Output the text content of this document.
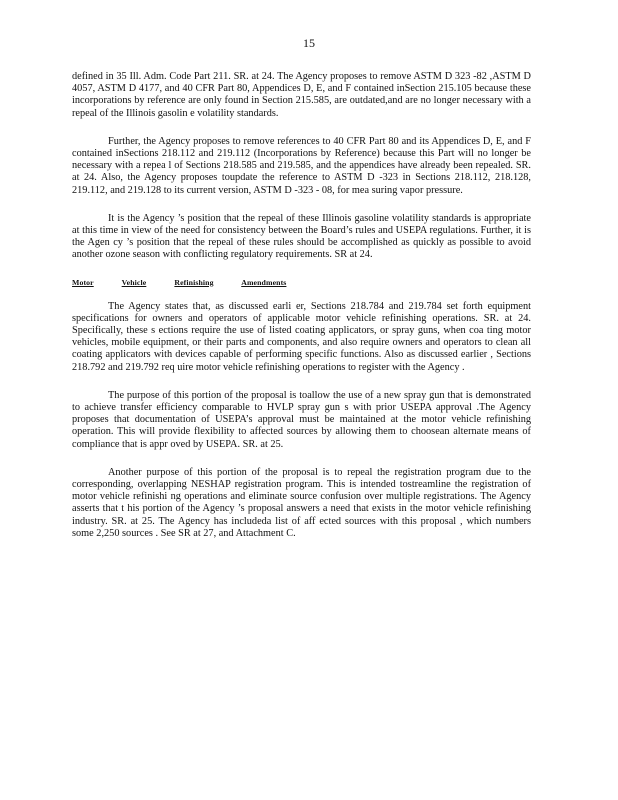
15

defined in 35 Ill. Adm. Code Part 211. SR. at 24. The Agency proposes to remove ASTM D 323 -82 ,ASTM D 4057, ASTM D 4177, and 40 CFR Part 80, Appendices D, E, and F contained inSection 215.105 because these incorporations by reference are only found in Section 215.585, are outdated,and are no longer necessary with a repeal of the Illinois gasolin e volatility standards.

Further, the Agency proposes to remove references to 40 CFR Part 80 and its Appendices D, E, and F contained inSections 218.112 and 219.112 (Incorporations by Reference) because this Part will no longer be necessary with a repea l of Sections 218.585 and 219.585, and the appendices have already been repealed. SR. at 24. Also, the Agency proposes toupdate the reference to ASTM D -323 in Sections 218.112, 218.128, 219.112, and 219.128 to its current version, ASTM D -323 - 08, for mea suring vapor pressure.

It is the Agency ’s position that the repeal of these Illinois gasoline volatility standards is appropriate at this time in view of the need for consistency between the Board’s rules and USEPA regulations. Further, it is the Agen cy ’s position that the repeal of these rules should be accomplished as quickly as possible to avoid another ozone season with conflicting regulatory requirements. SR at 24.

Motor	Vehicle	Refinishing	Amendments

The Agency states that, as discussed earli er, Sections 218.784 and 219.784 set forth equipment specifications for owners and operators of applicable motor vehicle refinishing operations. SR. at 24. Specifically, these s ections require the use of listed coating applicators, or spray guns, when coa ting motor vehicles, mobile equipment, or their parts and components, and also require owners and operators to clean all coating applicators with devices capable of performing specific functions. Also as discussed earlier , Sections 218.792 and 219.792 req uire motor vehicle refinishing operations to register with the Agency .

The purpose of this portion of the proposal is toallow the use of a new spray gun that is demonstrated to achieve transfer efficiency comparable to HVLP spray gun s with prior USEPA approval .The Agency proposes that documentation of USEPA’s approval must be maintained at the motor vehicle refinishing operation. This will provide flexibility to affected sources by allowing them to choosean alternate means of compliance that is appr oved by USEPA. SR. at 25.

Another purpose of this portion of the proposal is to repeal the registration program due to the corresponding, overlapping NESHAP registration program. This is intended tostreamline the registration of motor vehicle refinishi ng operations and eliminate source confusion over multiple registrations. The Agency asserts that t his portion of the Agency ’s proposal answers a need that exists in the motor vehicle refinishing industry. SR. at 25. The Agency has includeda list of aff ected sources with this proposal , which numbers some 2,250 sources . See SR at 27, and Attachment C.
